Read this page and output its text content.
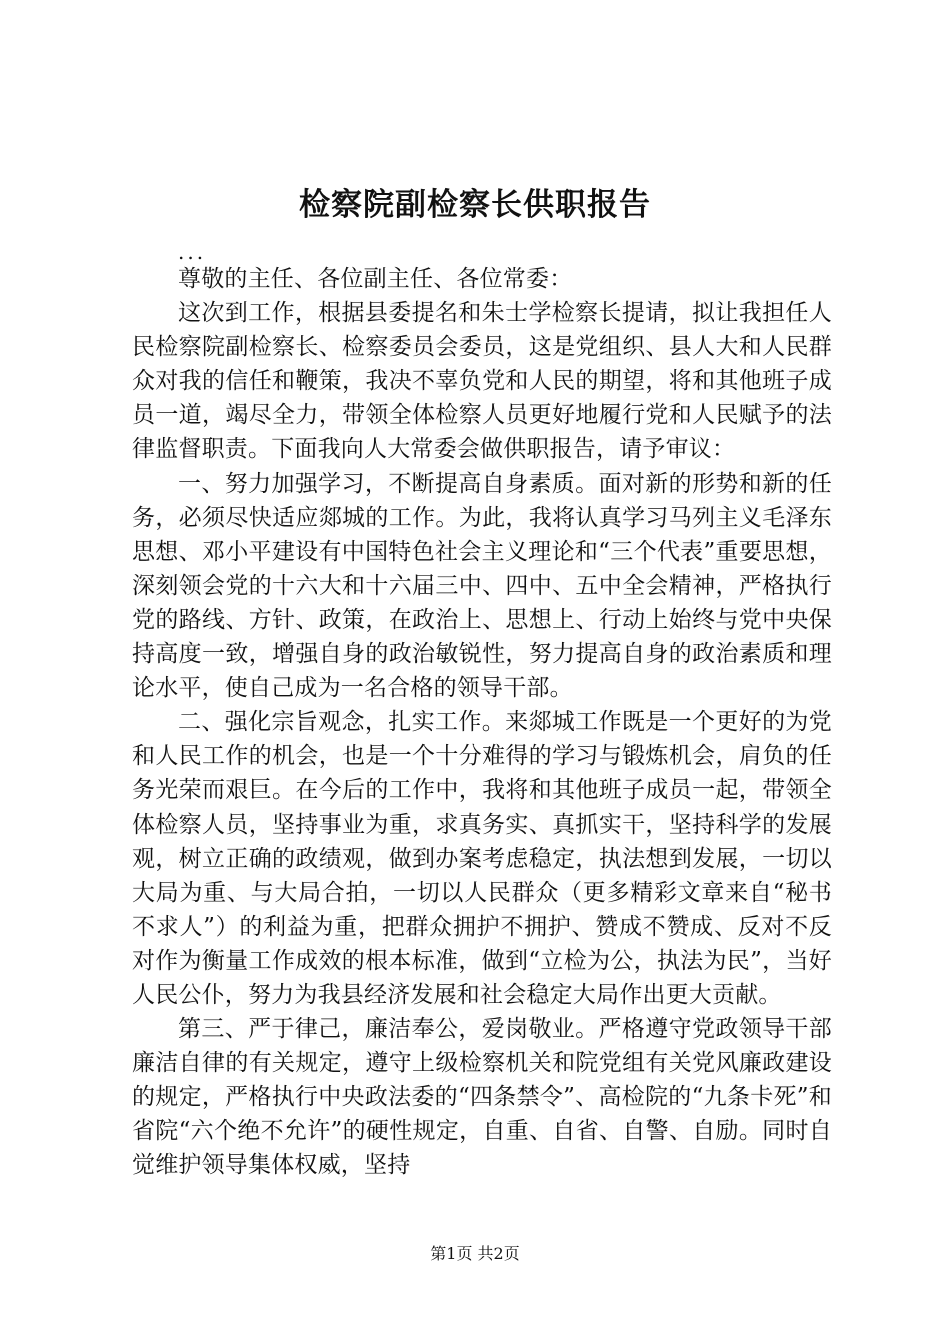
检察院副检察长供职报告
...

尊敬的主任、各位副主任、各位常委：

这次到工作，根据县委提名和朱士学检察长提请，拟让我担任人民检察院副检察长、检察委员会委员，这是党组织、县人大和人民群众对我的信任和鞭策，我决不辜负党和人民的期望，将和其他班子成员一道，竭尽全力，带领全体检察人员更好地履行党和人民赋予的法律监督职责。下面我向人大常委会做供职报告，请予审议：

一、努力加强学习，不断提高自身素质。面对新的形势和新的任务，必须尽快适应郯城的工作。为此，我将认真学习马列主义毛泽东思想、邓小平建设有中国特色社会主义理论和“三个代表”重要思想，深刻领会党的十六大和十六届三中、四中、五中全会精神，严格执行党的路线、方针、政策，在政治上、思想上、行动上始终与党中央保持高度一致，增强自身的政治敏锐性，努力提高自身的政治素质和理论水平，使自己成为一名合格的领导干部。

二、强化宗旨观念，扎实工作。来郯城工作既是一个更好的为党和人民工作的机会，也是一个十分难得的学习与锻炼机会，肩负的任务光荣而艰巨。在今后的工作中，我将和其他班子成员一起，带领全体检察人员，坚持事业为重，求真务实、真抓实干，坚持科学的发展观，树立正确的政绩观，做到办案考虑稳定，执法想到发展，一切以大局为重、与大局合拍，一切以人民群众（更多精彩文章来自“秘书不求人”）的利益为重，把群众拥护不拥护、赞成不赞成、反对不反对作为衡量工作成效的根本标准，做到“立检为公，执法为民”，当好人民公仆，努力为我县经济发展和社会稳定大局作出更大贡献。

第三、严于律己，廉洁奉公，爱岗敬业。严格遵守党政领导干部廉洁自律的有关规定，遵守上级检察机关和院党组有关党风廉政建设的规定，严格执行中央政法委的“四条禁令”、高检院的“九条卡死”和省院“六个绝不允许”的硬性规定，自重、自省、自警、自励。同时自觉维护领导集体权威，坚持

第1页 共2页
